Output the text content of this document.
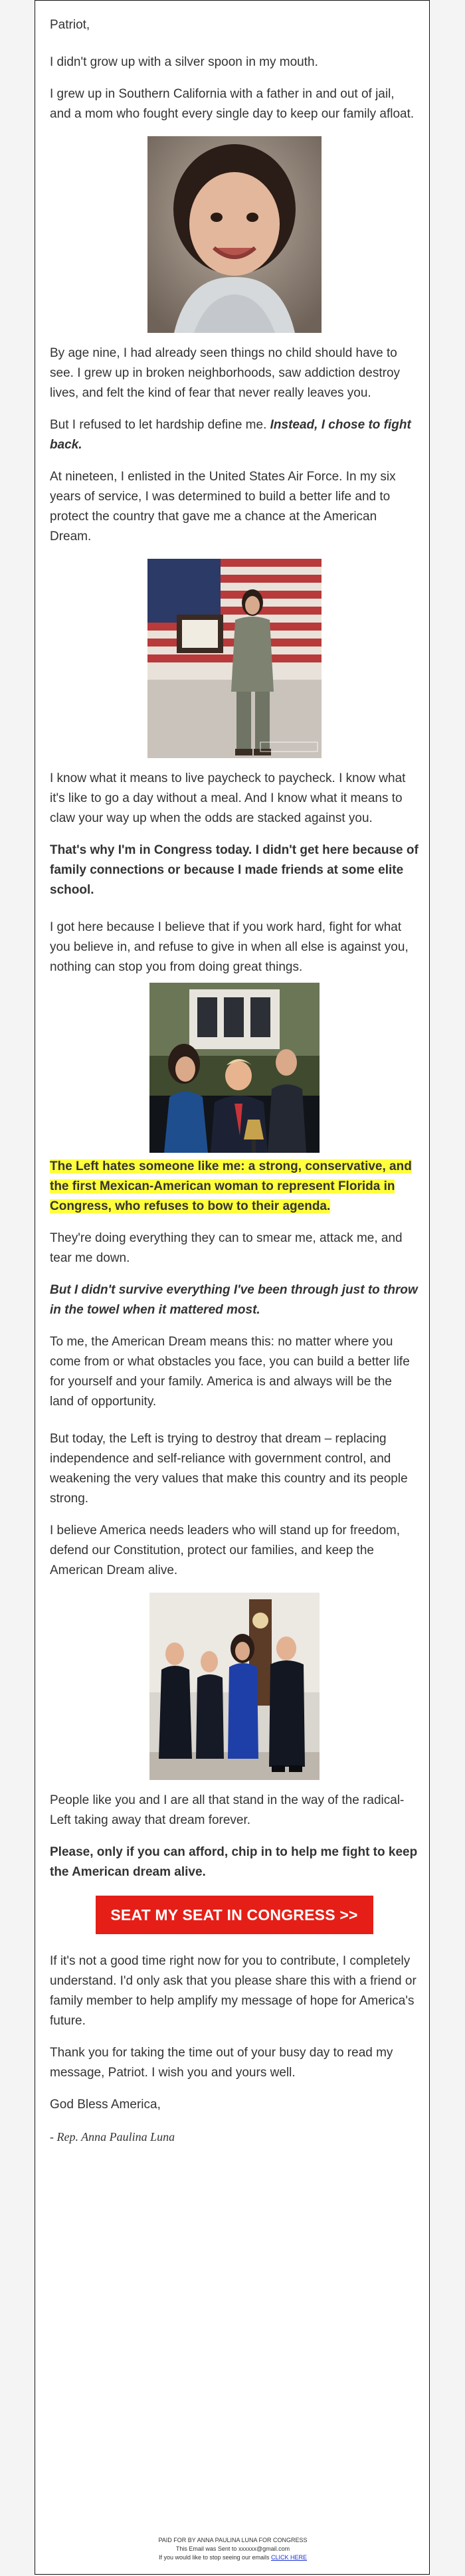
Patriot,

I didn't grow up with a silver spoon in my mouth.

I grew up in Southern California with a father in and out of jail, and a mom who fought every single day to keep our family afloat.

By age nine, I had already seen things no child should have to see. I grew up in broken neighborhoods, saw addiction destroy lives, and felt the kind of fear that never really leaves you.

But I refused to let hardship define me. Instead, I chose to fight back.

At nineteen, I enlisted in the United States Air Force. In my six years of service, I was determined to build a better life and to protect the country that gave me a chance at the American Dream.

I know what it means to live paycheck to paycheck. I know what it's like to go a day without a meal. And I know what it means to claw your way up when the odds are stacked against you.

That's why I'm in Congress today. I didn't get here because of family connections or because I made friends at some elite school.

I got here because I believe that if you work hard, fight for what you believe in, and refuse to give in when all else is against you, nothing can stop you from doing great things.

The Left hates someone like me: a strong, conservative, and the first Mexican-American woman to represent Florida in Congress, who refuses to bow to their agenda.

They're doing everything they can to smear me, attack me, and tear me down.

But I didn't survive everything I've been through just to throw in the towel when it mattered most.

To me, the American Dream means this: no matter where you come from or what obstacles you face, you can build a better life for yourself and your family. America is and always will be the land of opportunity.

But today, the Left is trying to destroy that dream – replacing independence and self-reliance with government control, and weakening the very values that make this country and its people strong.

I believe America needs leaders who will stand up for freedom, defend our Constitution, protect our families, and keep the American Dream alive.

People like you and I are all that stand in the way of the radical-Left taking away that dream forever.

Please, only if you can afford, chip in to help me fight to keep the American dream alive.

SEAT MY SEAT IN CONGRESS >>

If it's not a good time right now for you to contribute, I completely understand. I'd only ask that you please share this with a friend or family member to help amplify my message of hope for America's future.

Thank you for taking the time out of your busy day to read my message, Patriot. I wish you and yours well.

God Bless America,

- Rep. Anna Paulina Luna

PAID FOR BY ANNA PAULINA LUNA FOR CONGRESS
This Email was Sent to xxxxxx@gmail.com
If you would like to stop seeing our emails CLICK HERE
